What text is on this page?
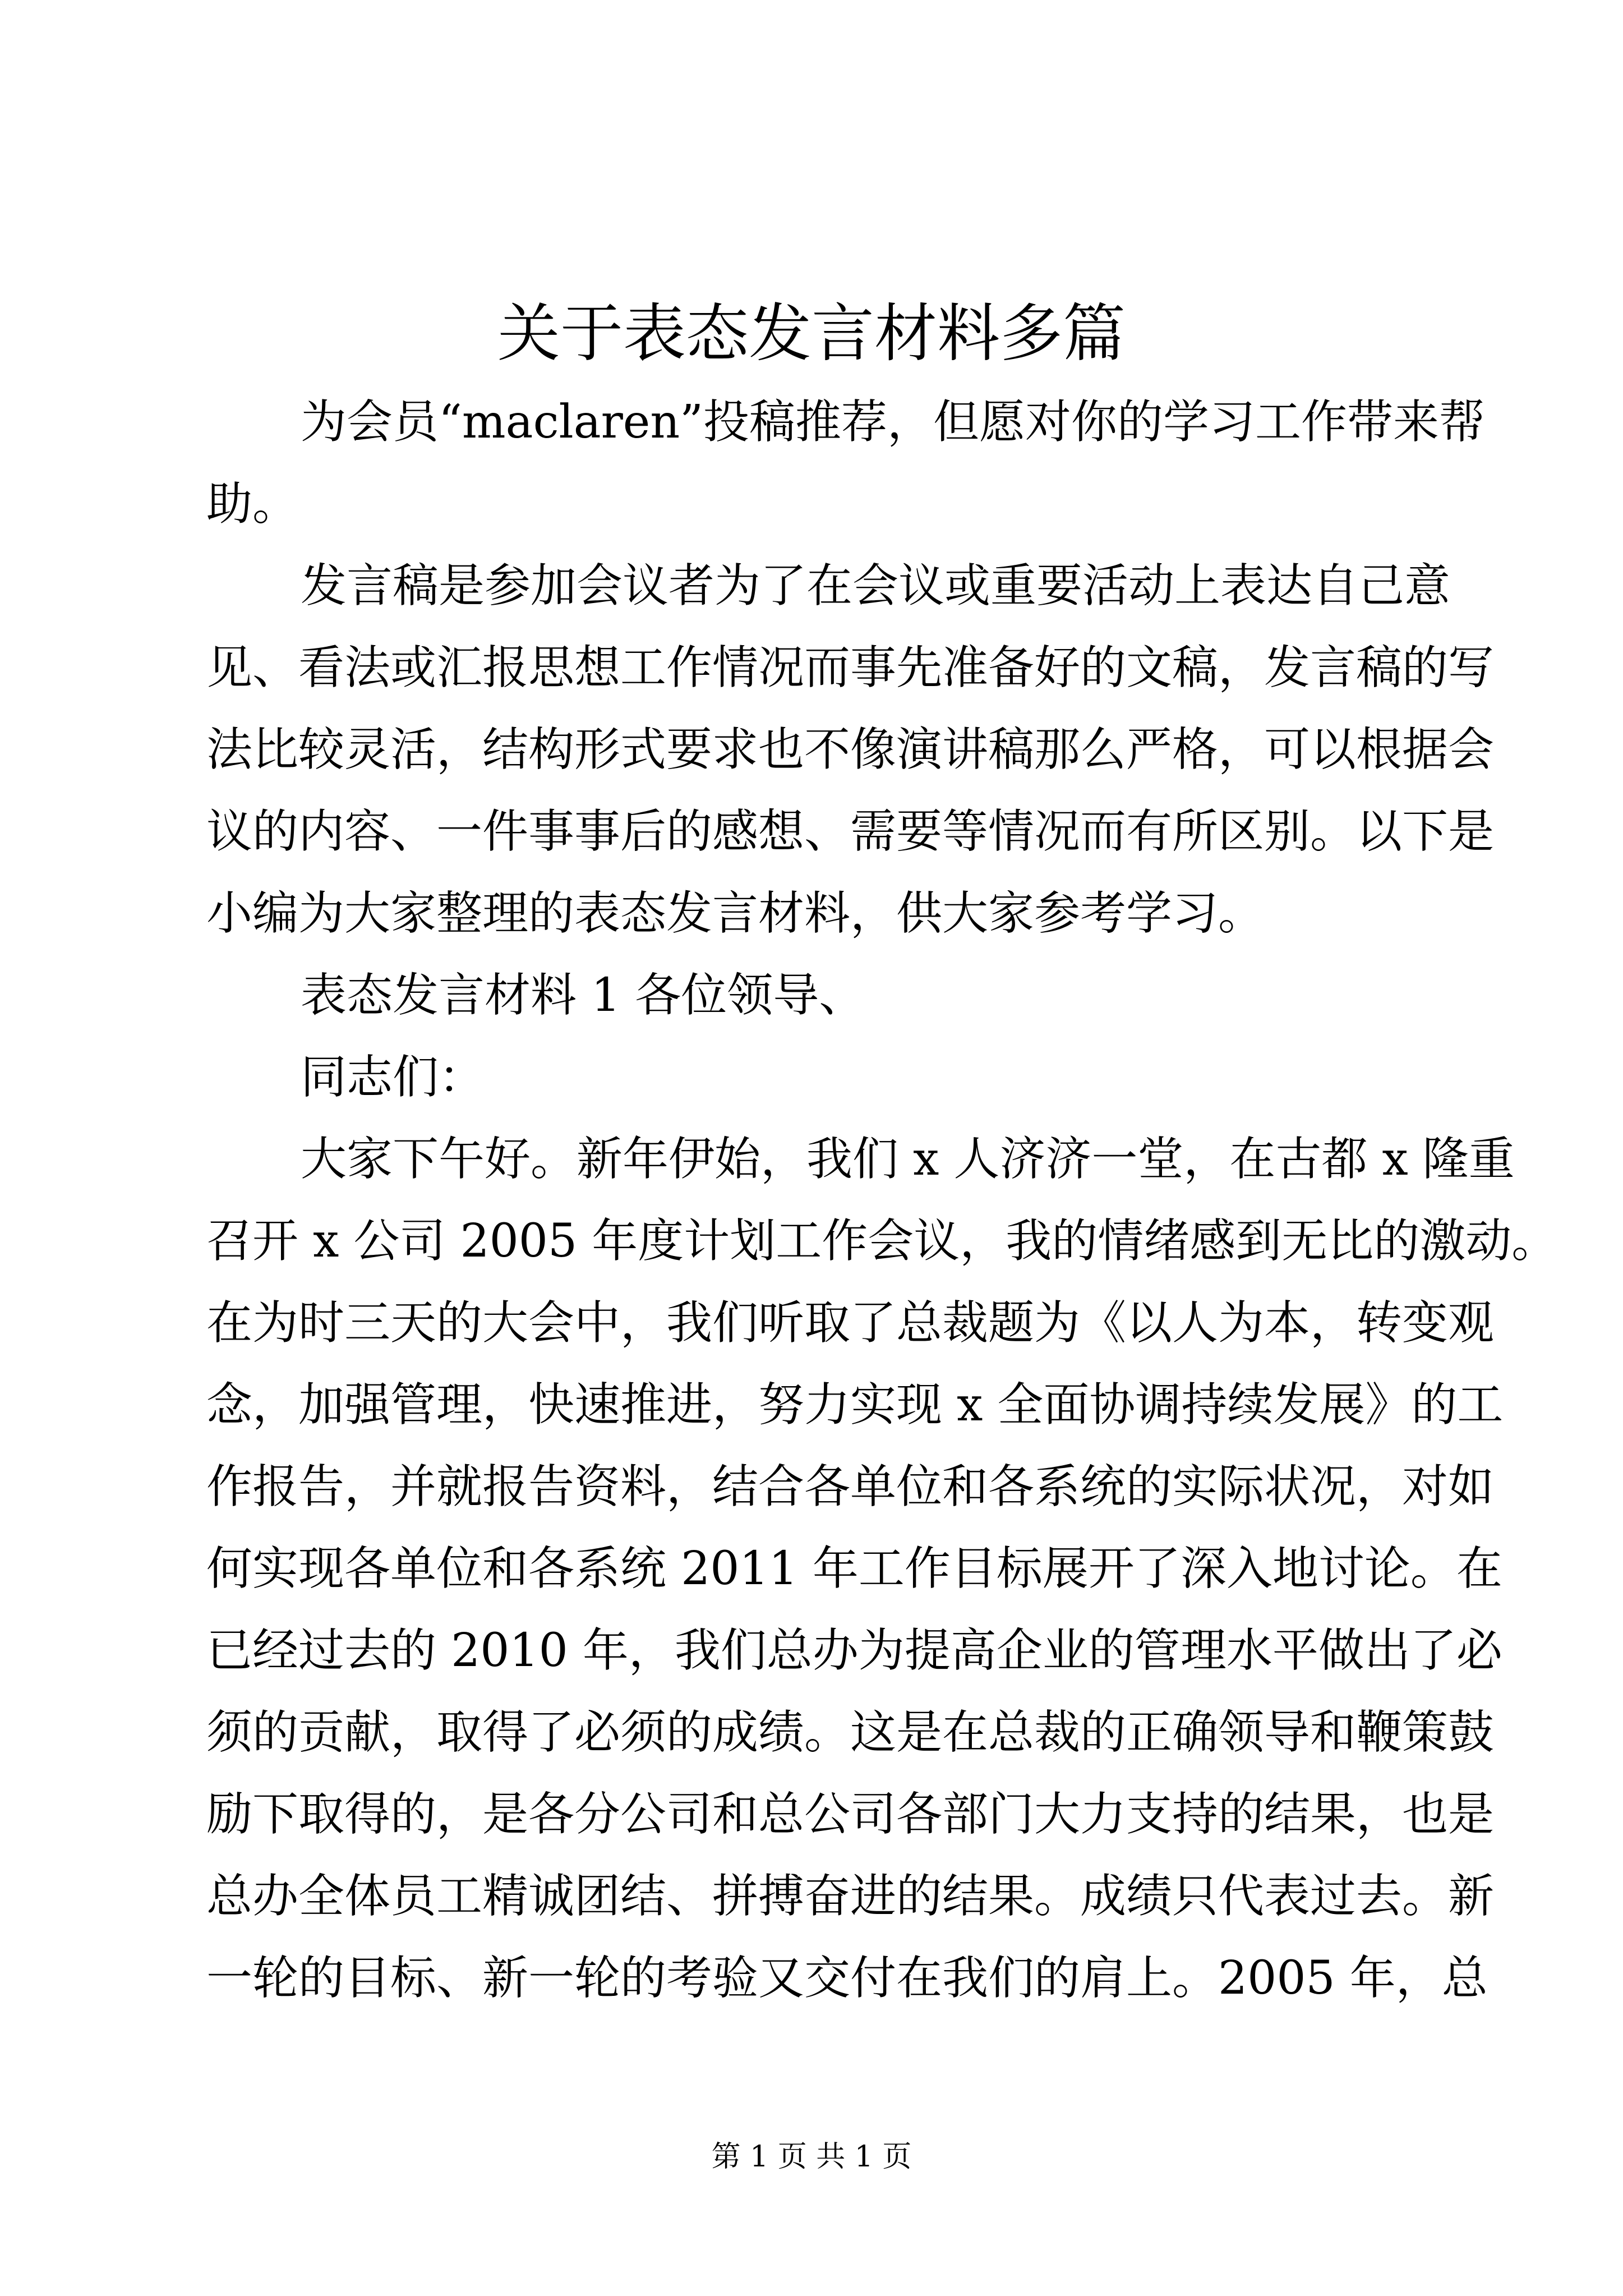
关于表态发言材料多篇
为会员“maclaren”投稿推荐，但愿对你的学习工作带来帮
助。
发言稿是参加会议者为了在会议或重要活动上表达自己意
见、看法或汇报思想工作情况而事先准备好的文稿，发言稿的写
法比较灵活，结构形式要求也不像演讲稿那么严格，可以根据会
议的内容、一件事事后的感想、需要等情况而有所区别。以下是
小编为大家整理的表态发言材料，供大家参考学习。
表态发言材料 1 各位领导、
同志们：
大家下午好。新年伊始，我们 x 人济济一堂，在古都 x 隆重
召开 x 公司 2005 年度计划工作会议，我的情绪感到无比的激动。
在为时三天的大会中，我们听取了总裁题为《以人为本，转变观
念，加强管理，快速推进，努力实现 x 全面协调持续发展》的工
作报告，并就报告资料，结合各单位和各系统的实际状况，对如
何实现各单位和各系统 2011 年工作目标展开了深入地讨论。在
已经过去的 2010 年，我们总办为提高企业的管理水平做出了必
须的贡献，取得了必须的成绩。这是在总裁的正确领导和鞭策鼓
励下取得的，是各分公司和总公司各部门大力支持的结果，也是
总办全体员工精诚团结、拼搏奋进的结果。成绩只代表过去。新
一轮的目标、新一轮的考验又交付在我们的肩上。2005 年，总
第 1 页 共 1 页
